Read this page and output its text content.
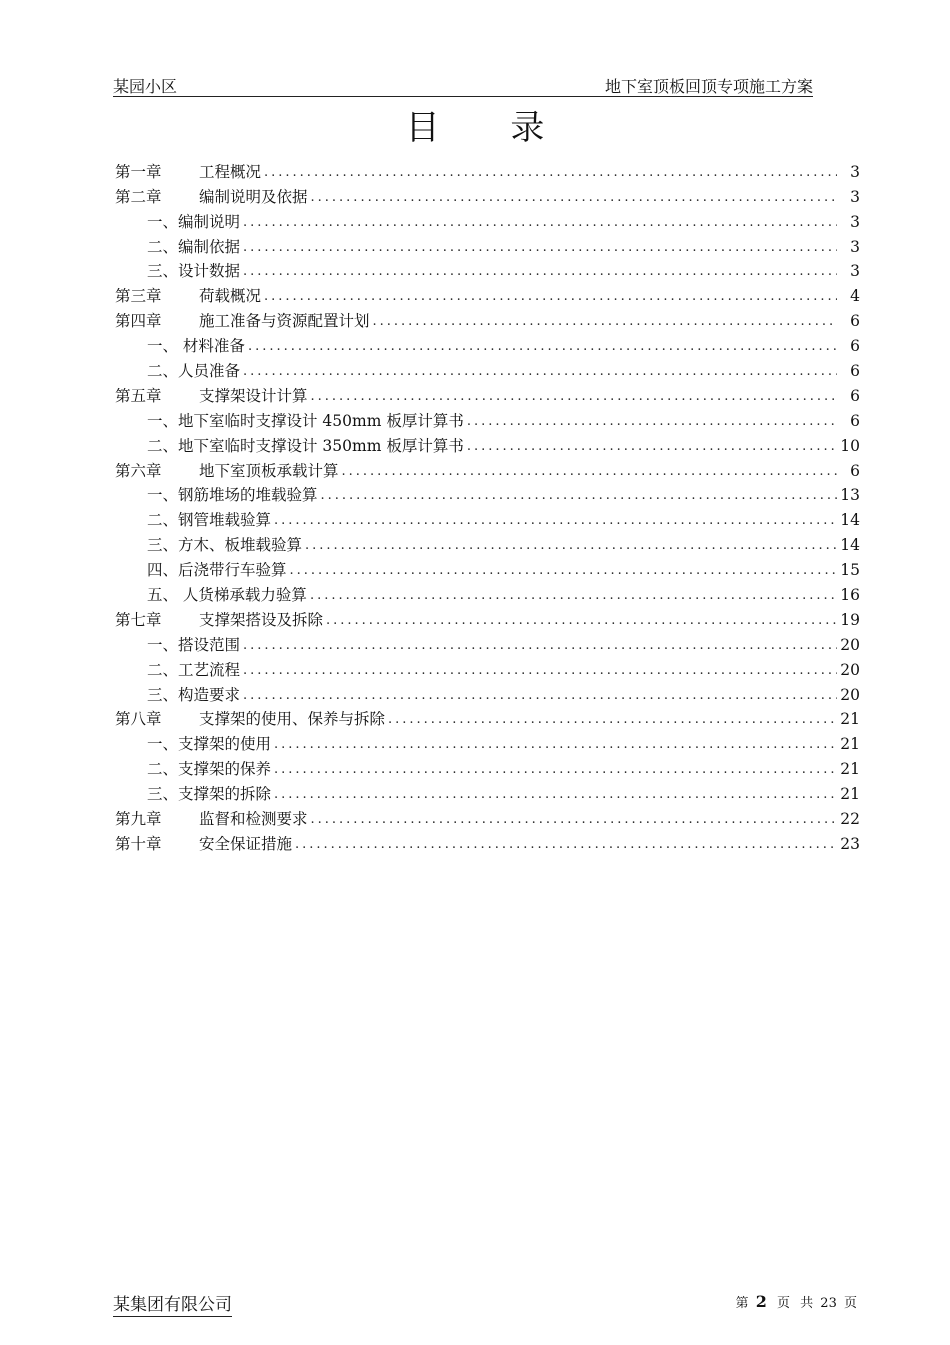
某园小区	地下室顶板回顶专项施工方案
目 录
第一章 工程概况 .....	3
第二章 编制说明及依据 .....	3
一、编制说明 .....	3
二、编制依据 .....	3
三、设计数据 .....	3
第三章 荷载概况 .....	4
第四章 施工准备与资源配置计划 .....	6
一、 材料准备 .....	6
二、人员准备 .....	6
第五章 支撑架设计计算 .....	6
一、地下室临时支撑设计 450mm 板厚计算书 .....	6
二、地下室临时支撑设计 350mm 板厚计算书 .....	10
第六章 地下室顶板承载计算 .....	6
一、钢筋堆场的堆载验算 .....	13
二、钢管堆载验算 .....	14
三、方木、板堆载验算 .....	14
四、后浇带行车验算 .....	15
五、 人货梯承载力验算 .....	16
第七章 支撑架搭设及拆除 .....	19
一、搭设范围 .....	20
二、工艺流程 .....	20
三、构造要求 .....	20
第八章 支撑架的使用、保养与拆除 .....	21
一、支撑架的使用 .....	21
二、支撑架的保养 .....	21
三、支撑架的拆除 .....	21
第九章 监督和检测要求 .....	22
第十章 安全保证措施 .....	23
某集团有限公司	第 2 页 共 23 页
